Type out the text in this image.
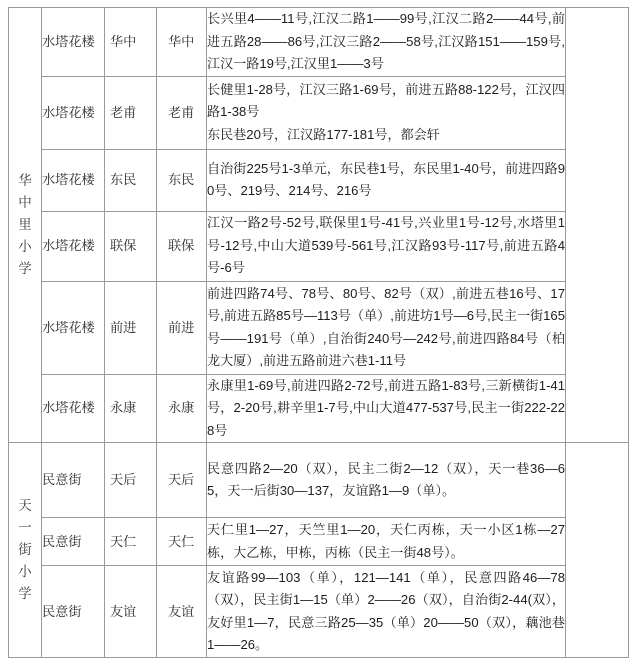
华中里小学	水塔花楼	华中	华中	长兴里4——11号,江汉二路1——99号,江汉二路2——44号,前进五路28——86号,江汉三路2——58号,江汉路151——159号,江汉一路19号,江汉里1——3号	

	水塔花楼	老甫	老甫	长健里1-28号，江汉三路1-69号，前进五路88-122号，江汉四路1-38号

东民巷20号，江汉路177-181号，都会轩	

	水塔花楼	东民	东民	自治街225号1-3单元，东民巷1号，东民里1-40号，前进四路90号、219号、214号、216号	

	水塔花楼	联保	联保	江汉一路2号-52号,联保里1号-41号,兴业里1号-12号,水塔里1号-12号,中山大道539号-561号,江汉路93号-117号,前进五路4号-6号	

	水塔花楼	前进	前进	前进四路74号、78号、80号、82号（双）,前进五巷16号、17号,前进五路85号—113号（单）,前进坊1号—6号,民主一街165号——191号（单）,自治街240号—242号,前进四路84号（柏龙大厦）,前进五路前进六巷1-11号	

	水塔花楼	永康	永康	永康里1-69号,前进四路2-72号,前进五路1-83号,三新横街1-41号，2-20号,耕辛里1-7号,中山大道477-537号,民主一街222-228号	

天一街小学	民意街	天后	天后	民意四路2—20（双），民主二街2—12（双），天一巷36—65，天一后街30—137，友谊路1—9（单）。	

	民意街	天仁	天仁	天仁里1—27，天竺里1—20，天仁丙栋，天一小区1栋—27栋，大乙栋，甲栋，丙栋（民主一街48号）。	

	民意街	友谊	友谊	友谊路99—103（单），121—141（单），民意四路46—78（双），民主街1—15（单）2——26（双），自治街2-44(双），友好里1—7，民意三路25—35（单）20——50（双），藕池巷1——26。	
